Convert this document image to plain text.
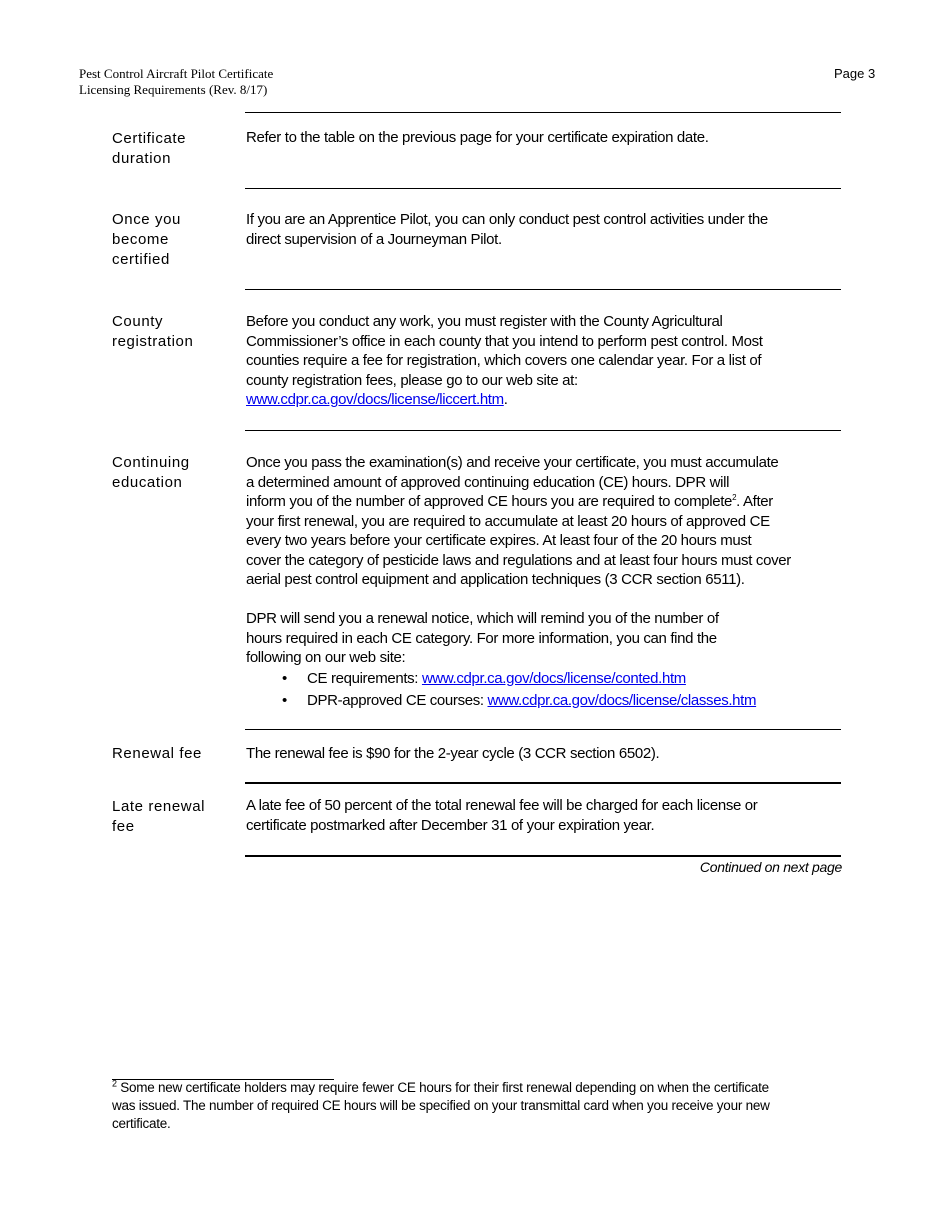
Pest Control Aircraft Pilot Certificate
Licensing Requirements (Rev. 8/17)
Page 3
Certificate
duration

Refer to the table on the previous page for your certificate expiration date.

Once you
become
certified

If you are an Apprentice Pilot, you can only conduct pest control activities under the

direct supervision of a Journeyman Pilot.

County
registration

Before you conduct any work, you must register with the County Agricultural

Commissioner’s office in each county that you intend to perform pest control. Most

counties require a fee for registration, which covers one calendar year. For a list of

county registration fees, please go to our web site at:

www.cdpr.ca.gov/docs/license/liccert.htm.

Continuing
education

Once you pass the examination(s) and receive your certificate, you must accumulate

a determined amount of approved continuing education (CE) hours. DPR will

inform you of the number of approved CE hours you are required to complete$^2$. After

your first renewal, you are required to accumulate at least 20 hours of approved CE

every two years before your certificate expires. At least four of the 20 hours must

cover the category of pesticide laws and regulations and at least four hours must cover

aerial pest control equipment and application techniques (3 CCR section 6511).

DPR will send you a renewal notice, which will remind you of the number of

hours required in each CE category. For more information, you can find the

following on our web site:

• CE requirements: www.cdpr.ca.gov/docs/license/conted.htm
• DPR-approved CE courses: www.cdpr.ca.gov/docs/license/classes.htm
Renewal fee	The renewal fee is $90 for the 2-year cycle (3 CCR section 6502).

Late renewal
fee

A late fee of 50 percent of the total renewal fee will be charged for each license or

certificate postmarked after December 31 of your expiration year.

Continued on next page
$^2$ Some new certificate holders may require fewer CE hours for their first renewal depending on when the certificate
was issued. The number of required CE hours will be specified on your transmittal card when you receive your new
certificate.
